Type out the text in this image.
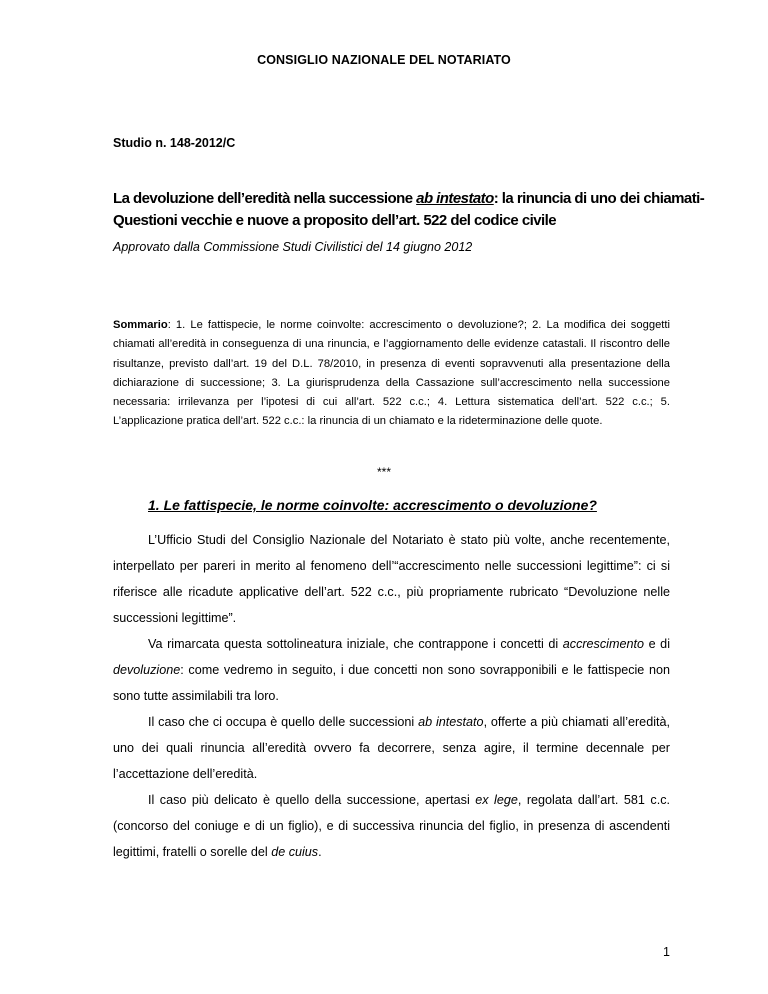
CONSIGLIO NAZIONALE DEL NOTARIATO
Studio n. 148-2012/C
La devoluzione dell’eredità nella successione ab intestato: la rinuncia di uno dei chiamati -
Questioni vecchie e nuove a proposito dell’art. 522 del codice civile
Approvato dalla Commissione Studi Civilistici del 14 giugno 2012
Sommario: 1. Le fattispecie, le norme coinvolte: accrescimento o devoluzione?; 2. La modifica dei soggetti chiamati all’eredità in conseguenza di una rinuncia, e l’aggiornamento delle evidenze catastali. Il riscontro delle risultanze, previsto dall’art. 19 del D.L. 78/2010, in presenza di eventi sopravvenuti alla presentazione della dichiarazione di successione; 3. La giurisprudenza della Cassazione sull’accrescimento nella successione necessaria: irrilevanza per l’ipotesi di cui all’art. 522 c.c.; 4. Lettura sistematica dell’art. 522 c.c.; 5. L’applicazione pratica dell’art. 522 c.c.: la rinuncia di un chiamato e la rideterminazione delle quote.
***
1. Le fattispecie, le norme coinvolte: accrescimento o devoluzione?

L’Ufficio Studi del Consiglio Nazionale del Notariato è stato più volte, anche recentemente, interpellato per pareri in merito al fenomeno dell’“accrescimento nelle successioni legittime”: ci si riferisce alle ricadute applicative dell’art. 522 c.c., più propriamente rubricato “Devoluzione nelle successioni legittime”.

Va rimarcata questa sottolineatura iniziale, che contrappone i concetti di accrescimento e di devoluzione: come vedremo in seguito, i due concetti non sono sovrapponibili e le fattispecie non sono tutte assimilabili tra loro.

Il caso che ci occupa è quello delle successioni ab intestato, offerte a più chiamati all’eredità, uno dei quali rinuncia all’eredità ovvero fa decorrere, senza agire, il termine decennale per l’accettazione dell’eredità.

Il caso più delicato è quello della successione, apertasi ex lege, regolata dall’art. 581 c.c. (concorso del coniuge e di un figlio), e di successiva rinuncia del figlio, in presenza di ascendenti legittimi, fratelli o sorelle del de cuius.

1
